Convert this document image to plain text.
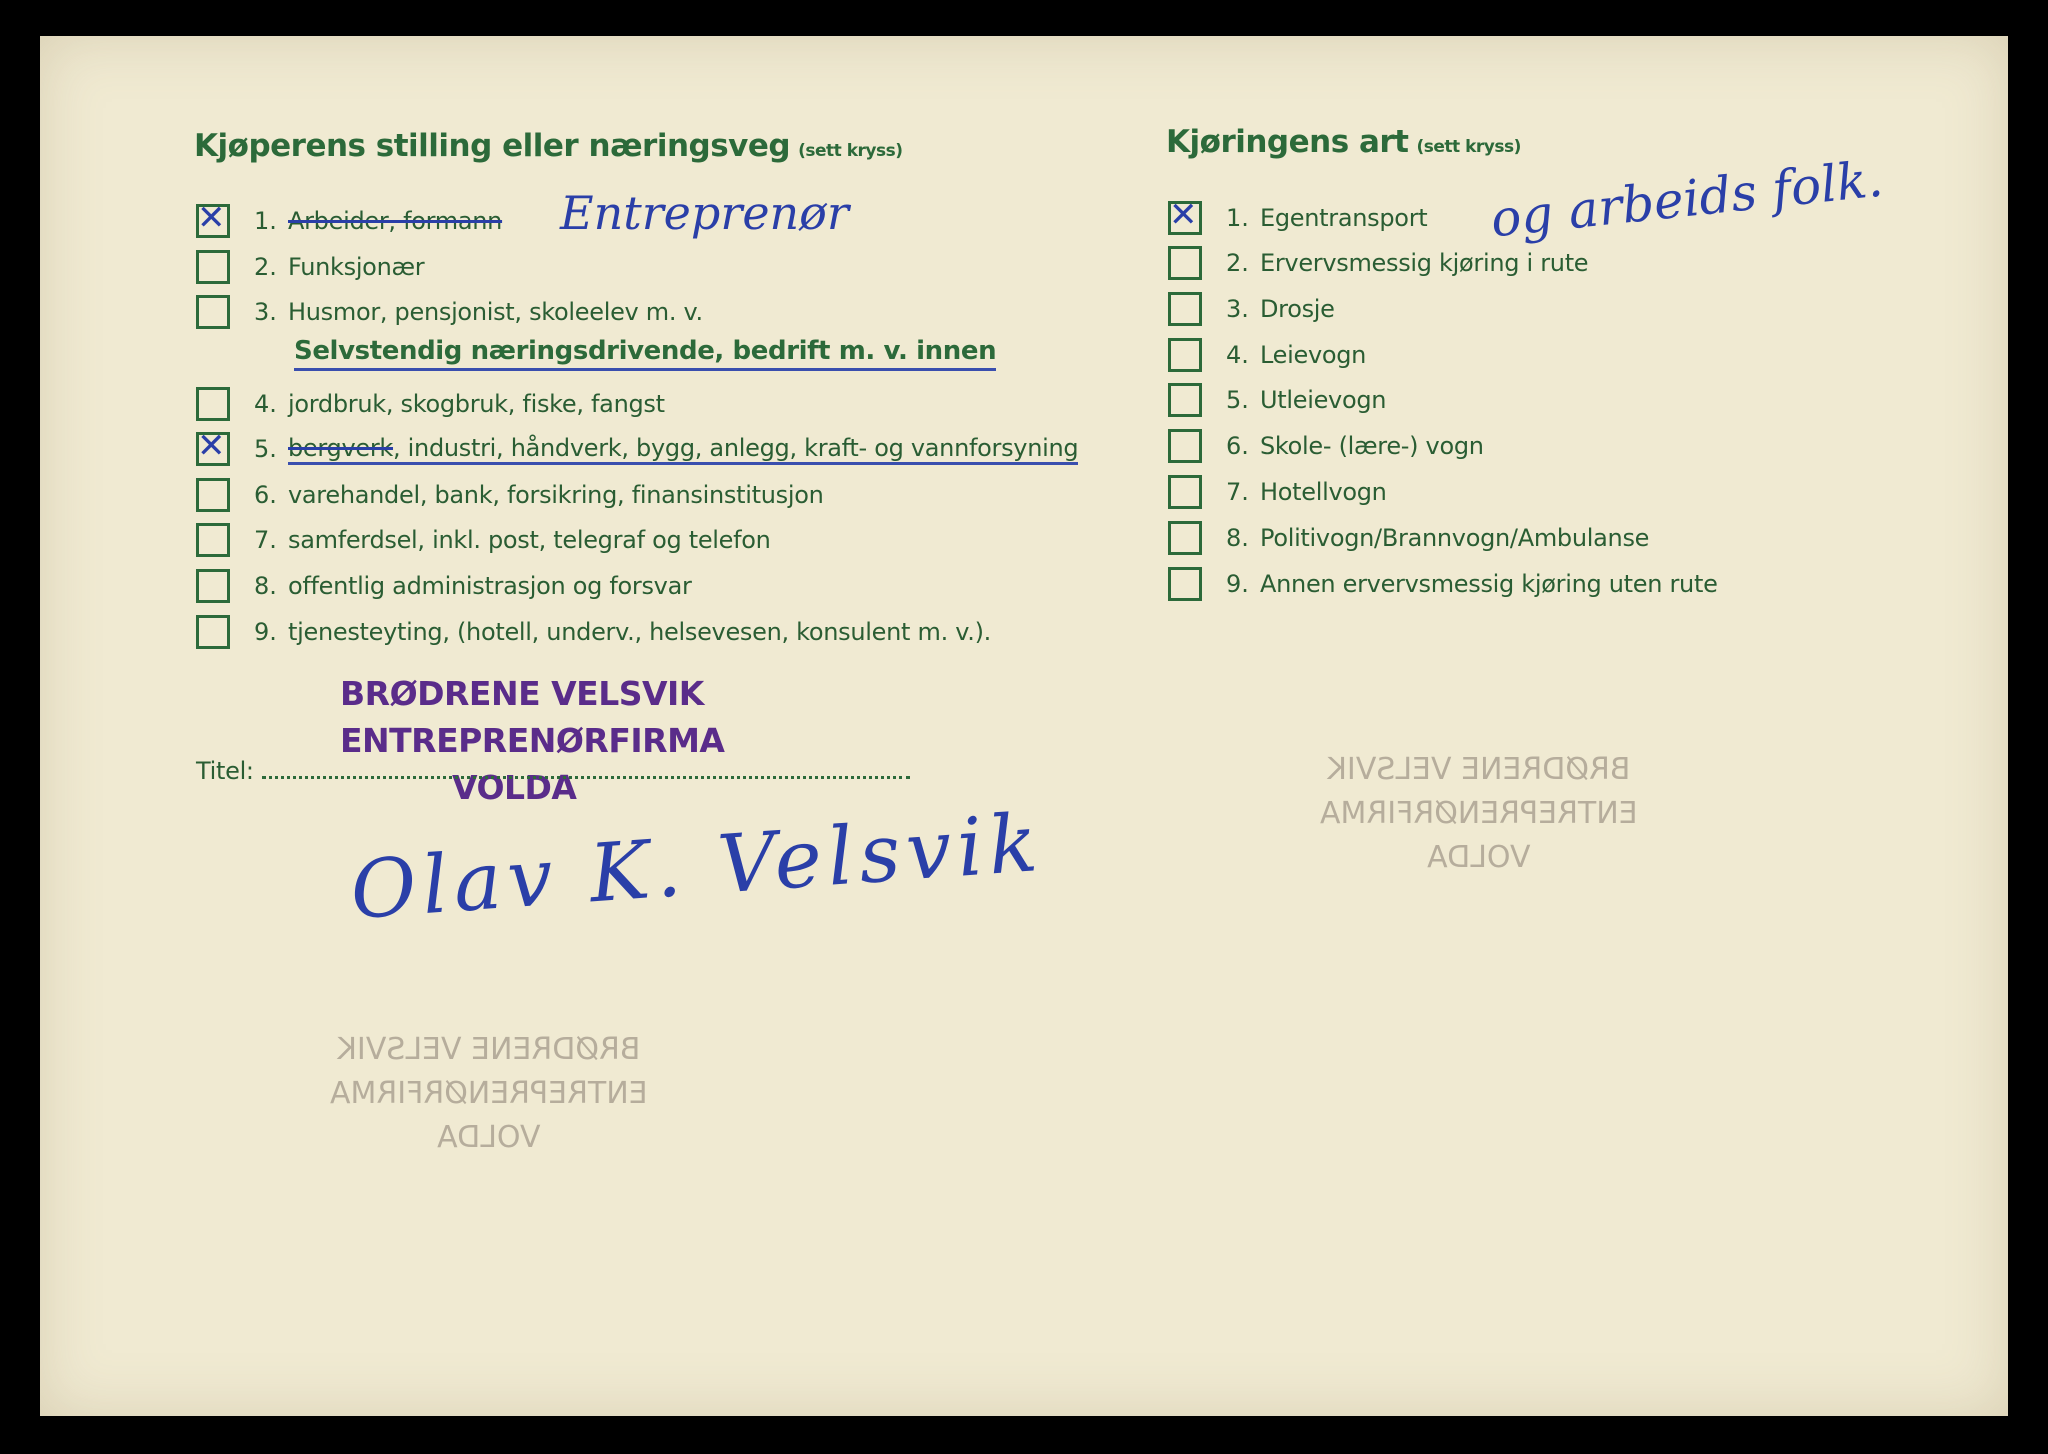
Kjøperens stilling eller næringsveg (sett kryss)
✕ 1. Arbeider, formann
2. Funksjonær
3. Husmor, pensjonist, skoleelev m. v.
Selvstendig næringsdrivende, bedrift m. v. innen
4. jordbruk, skogbruk, fiske, fangst
✕ 5. bergverk, industri, håndverk, bygg, anlegg, kraft- og vannforsyning
6. varehandel, bank, forsikring, finansinstitusjon
7. samferdsel, inkl. post, telegraf og telefon
8. offentlig administrasjon og forsvar
9. tjenesteyting, (hotell, underv., helsevesen, konsulent m. v.).
Entreprenør
BRØDRENE VELSVIK
ENTREPRENØRFIRMA
VOLDA
Titel:
Olav K. Velsvik
BRØDRENE VELSVIK
ENTREPRENØRFIRMA
VOLDA
BRØDRENE VELSVIK
ENTREPRENØRFIRMA
VOLDA
Kjøringens art (sett kryss)
✕ 1. Egentransport
2. Ervervsmessig kjøring i rute
3. Drosje
4. Leievogn
5. Utleievogn
6. Skole- (lære-) vogn
7. Hotellvogn
8. Politivogn/Brannvogn/Ambulanse
9. Annen ervervsmessig kjøring uten rute
og arbeids folk.
